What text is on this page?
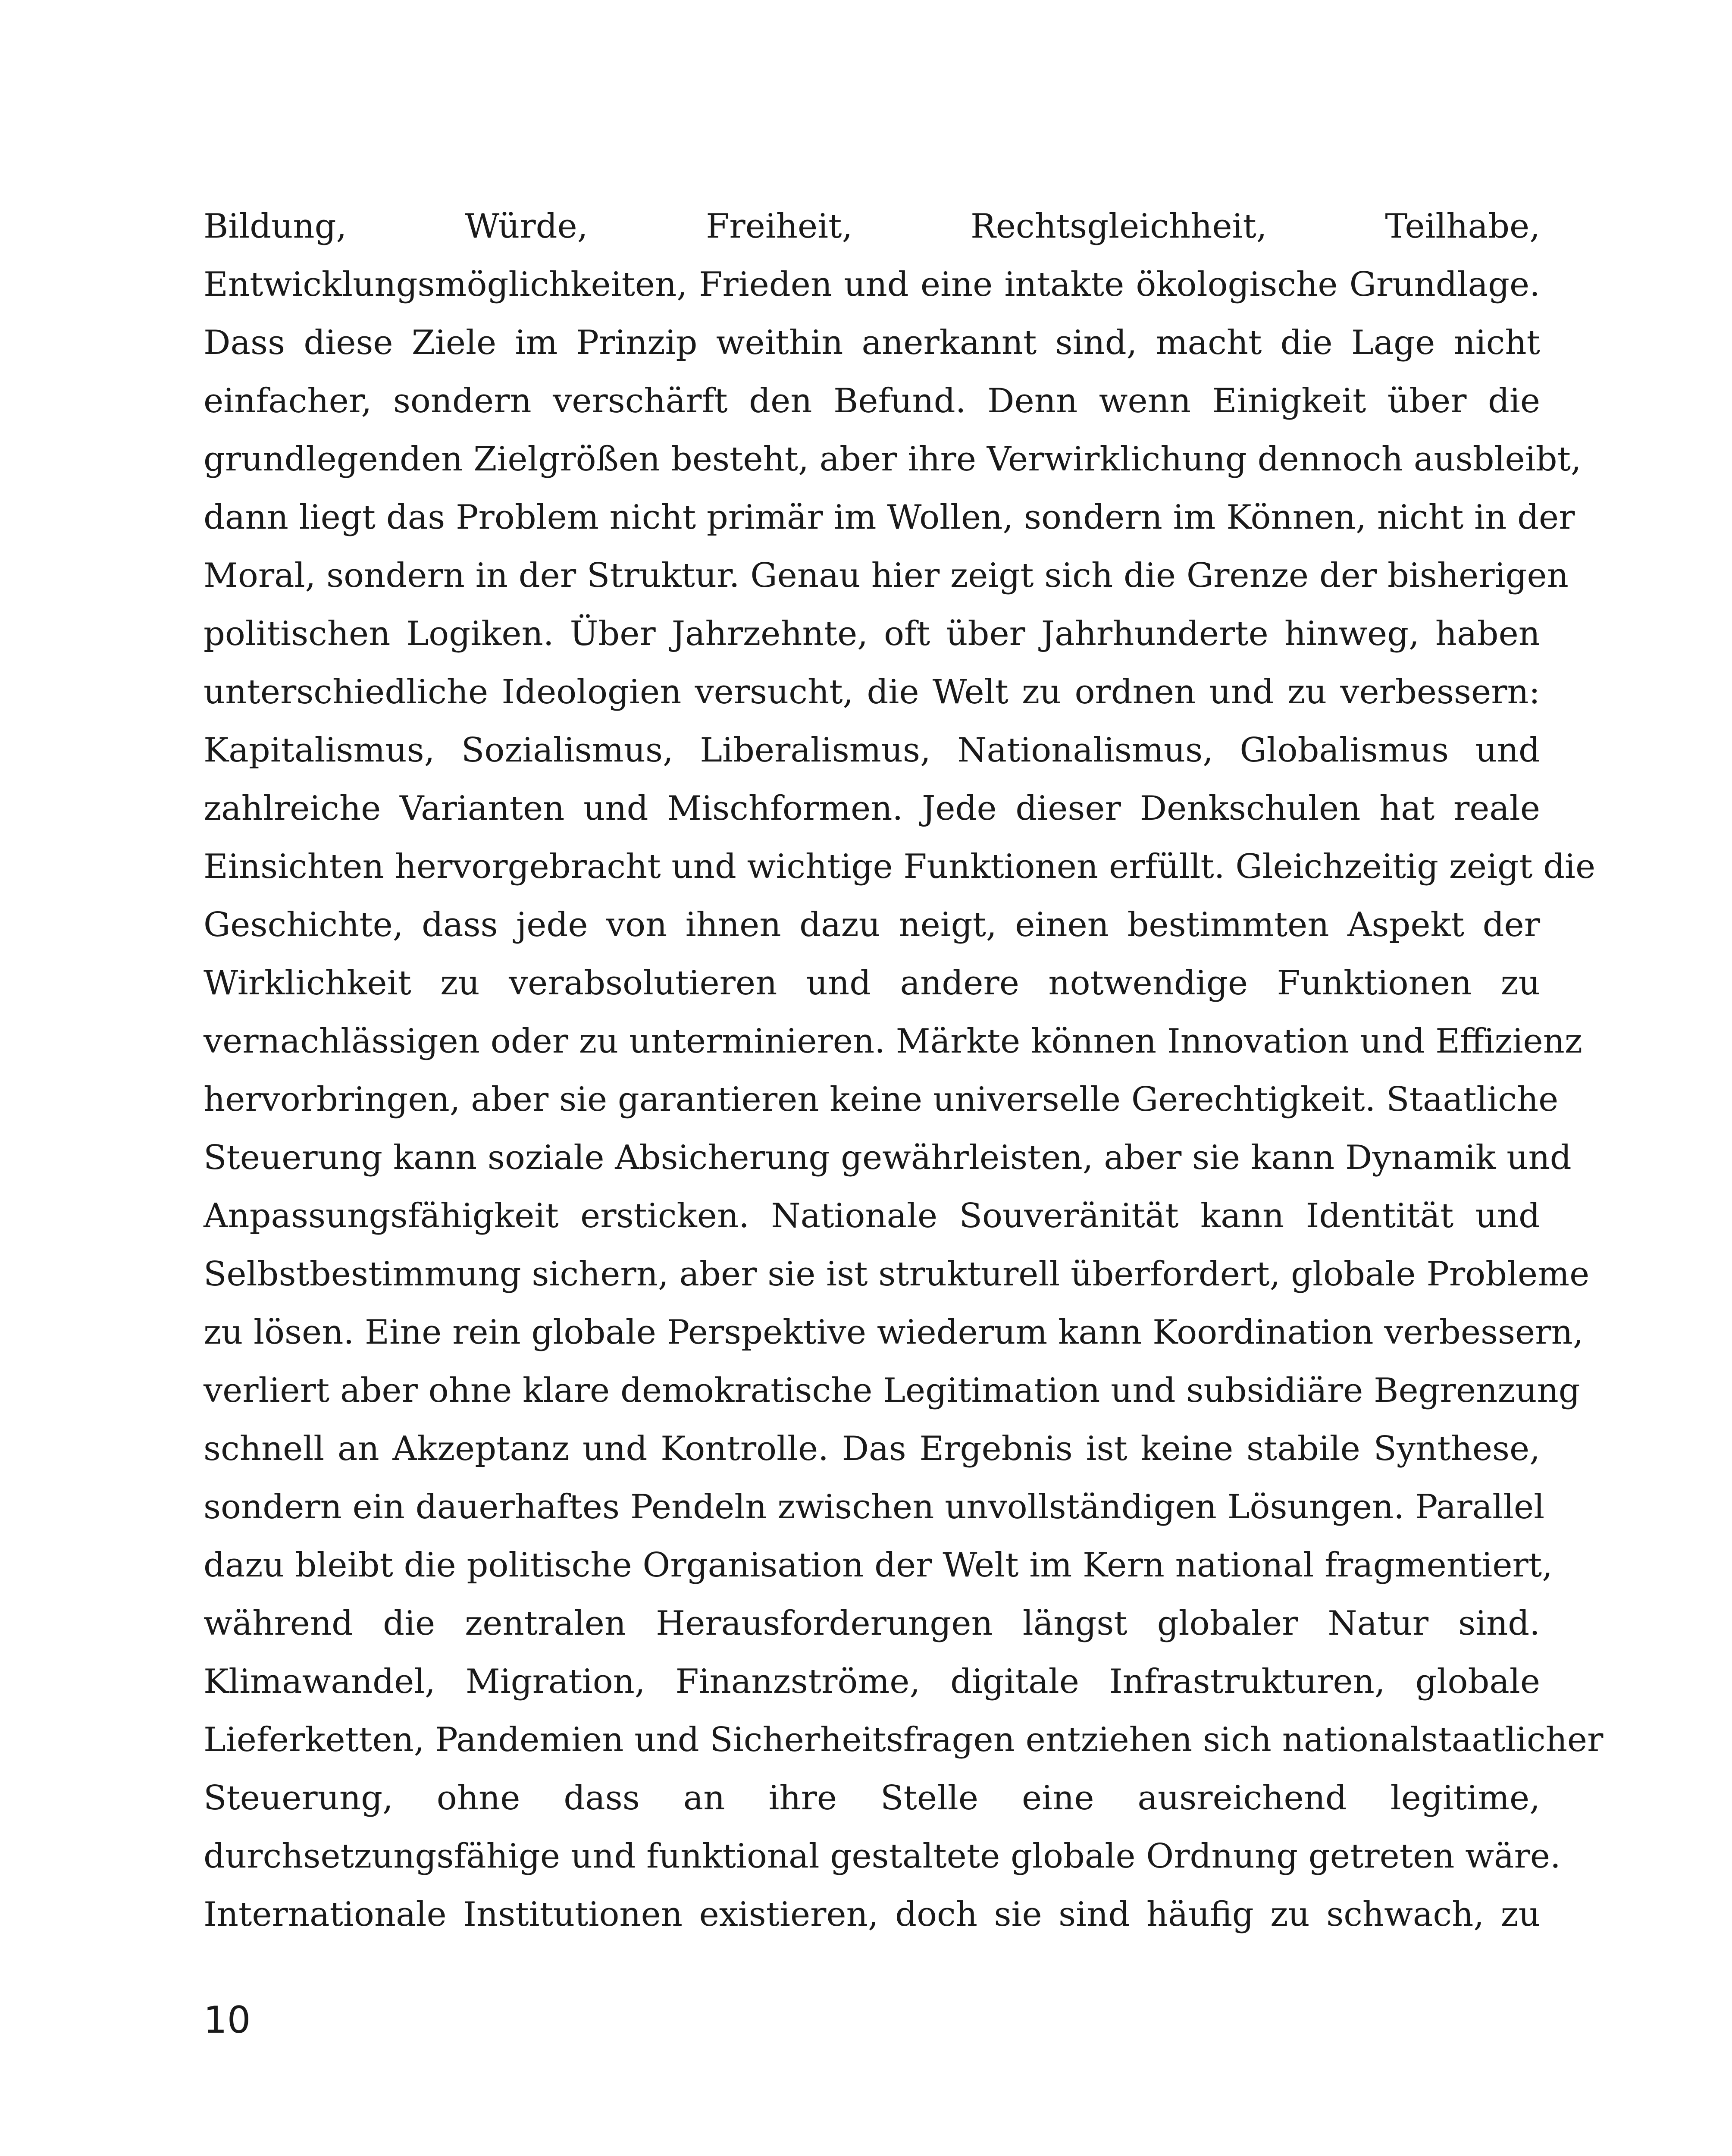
Bildung, Würde, Freiheit, Rechtsgleichheit, Teilhabe,
Entwicklungsmöglichkeiten, Frieden und eine intakte ökologische Grundlage.
Dass diese Ziele im Prinzip weithin anerkannt sind, macht die Lage nicht
einfacher, sondern verschärft den Befund. Denn wenn Einigkeit über die
grundlegenden Zielgrößen besteht, aber ihre Verwirklichung dennoch ausbleibt,
dann liegt das Problem nicht primär im Wollen, sondern im Können, nicht in der
Moral, sondern in der Struktur. Genau hier zeigt sich die Grenze der bisherigen
politischen Logiken. Über Jahrzehnte, oft über Jahrhunderte hinweg, haben
unterschiedliche Ideologien versucht, die Welt zu ordnen und zu verbessern:
Kapitalismus, Sozialismus, Liberalismus, Nationalismus, Globalismus und
zahlreiche Varianten und Mischformen. Jede dieser Denkschulen hat reale
Einsichten hervorgebracht und wichtige Funktionen erfüllt. Gleichzeitig zeigt die
Geschichte, dass jede von ihnen dazu neigt, einen bestimmten Aspekt der
Wirklichkeit zu verabsolutieren und andere notwendige Funktionen zu
vernachlässigen oder zu unterminieren. Märkte können Innovation und Effizienz
hervorbringen, aber sie garantieren keine universelle Gerechtigkeit. Staatliche
Steuerung kann soziale Absicherung gewährleisten, aber sie kann Dynamik und
Anpassungsfähigkeit ersticken. Nationale Souveränität kann Identität und
Selbstbestimmung sichern, aber sie ist strukturell überfordert, globale Probleme
zu lösen. Eine rein globale Perspektive wiederum kann Koordination verbessern,
verliert aber ohne klare demokratische Legitimation und subsidiäre Begrenzung
schnell an Akzeptanz und Kontrolle. Das Ergebnis ist keine stabile Synthese,
sondern ein dauerhaftes Pendeln zwischen unvollständigen Lösungen. Parallel
dazu bleibt die politische Organisation der Welt im Kern national fragmentiert,
während die zentralen Herausforderungen längst globaler Natur sind.
Klimawandel, Migration, Finanzströme, digitale Infrastrukturen, globale
Lieferketten, Pandemien und Sicherheitsfragen entziehen sich nationalstaatlicher
Steuerung, ohne dass an ihre Stelle eine ausreichend legitime,
durchsetzungsfähige und funktional gestaltete globale Ordnung getreten wäre.
Internationale Institutionen existieren, doch sie sind häufig zu schwach, zu
10
